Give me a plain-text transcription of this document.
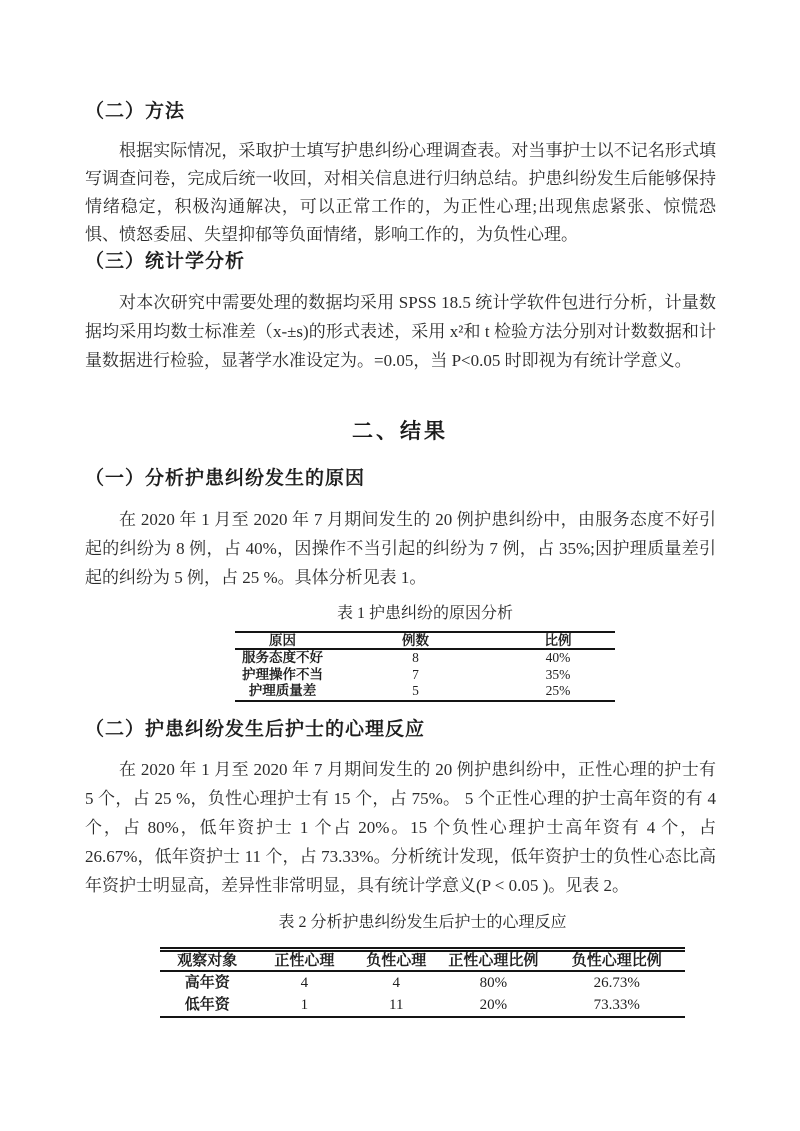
（二）方法

根据实际情况，采取护士填写护患纠纷心理调查表。对当事护士以不记名形式填写调查问卷，完成后统一收回，对相关信息进行归纳总结。护患纠纷发生后能够保持情绪稳定，积极沟通解决，可以正常工作的，为正性心理;出现焦虑紧张、惊慌恐惧、愤怒委屈、失望抑郁等负面情绪，影响工作的，为负性心理。

（三）统计学分析

对本次研究中需要处理的数据均采用 SPSS 18.5 统计学软件包进行分析，计量数据均采用均数士标准差（x-±s)的形式表述，采用 x²和 t 检验方法分别对计数数据和计量数据进行检验，显著学水准设定为。=0.05，当 P<0.05 时即视为有统计学意义。

二、结果
（一）分析护患纠纷发生的原因

在 2020 年 1 月至 2020 年 7 月期间发生的 20 例护患纠纷中，由服务态度不好引起的纠纷为 8 例，占 40%，因操作不当引起的纠纷为 7 例，占 35%;因护理质量差引起的纠纷为 5 例，占 25 %。具体分析见表 1。

表 1 护患纠纷的原因分析
原因	例数	比例
服务态度不好	8	40%
护理操作不当	7	35%
护理质量差	5	25%
（二）护患纠纷发生后护士的心理反应

在 2020 年 1 月至 2020 年 7 月期间发生的 20 例护患纠纷中，正性心理的护士有 5 个，占 25 %，负性心理护士有 15 个，占 75%。 5 个正性心理的护士高年资的有 4 个，占 80%，低年资护士 1 个占 20%。15 个负性心理护士高年资有 4 个，占 26.67%，低年资护士 11 个，占 73.33%。分析统计发现，低年资护士的负性心态比高年资护士明显高，差异性非常明显，具有统计学意义(P < 0.05 )。见表 2。

表 2 分析护患纠纷发生后护士的心理反应
观察对象	正性心理	负性心理	正性心理比例	负性心理比例
高年资	4	4	80%	26.73%
低年资	1	11	20%	73.33%
